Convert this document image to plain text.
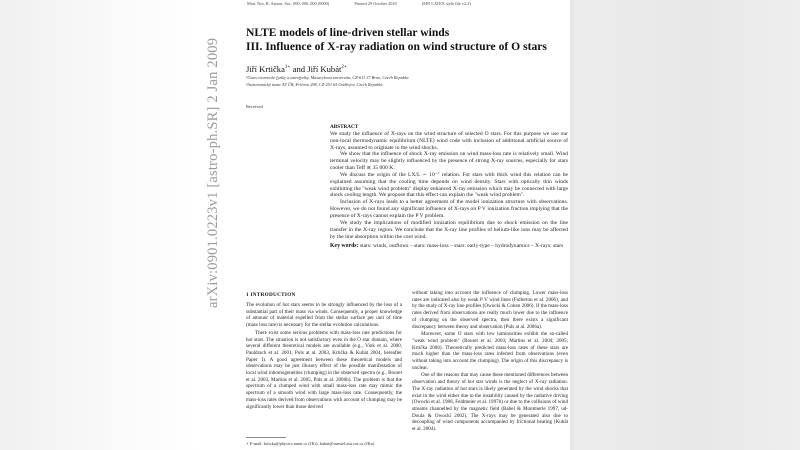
Mon. Not. R. Astron. Soc. 000, 000–000 (0000)	Printed 29 October 2018	(MN LATEX style file v2.2)
NLTE models of line-driven stellar winds
III. Influence of X-ray radiation on wind structure of O stars
Jiří Krtička$^{1⋆}$ and Jiří Kubát$^{2⋆}$
¹Ústav teoretické fyziky a astrofyziky, Masarykova univerzita, CZ-611 37 Brno, Czech Republic
²Astronomický ústav AV ČR, Fričova 298, CZ-251 65 Ondřejov, Czech Republic
Received
arXiv:0901.0223v1 [astro-ph.SR] 2 Jan 2009	ABSTRACT

We study the influence of X-rays on the wind structure of selected O stars. For this purpose we use our non-local thermodynamic equilibrium (NLTE) wind code with inclusion of additional artificial source of X-rays, assumed to originate in the wind shocks.

We show that the influence of shock X-ray emission on wind mass-loss rate is relatively small. Wind terminal velocity may be slightly influenced by the presence of strong X-ray sources, especially for stars cooler than Teff ≲ 35 000 K.

We discuss the origin of the LX/L ∼ 10⁻⁷ relation. For stars with thick wind this relation can be explained assuming that the cooling time depends on wind density. Stars with optically thin winds exhibiting the "weak wind problem" display enhanced X-ray emission which may be connected with large shock cooling length. We propose that this effect can explain the "weak wind problem".

Inclusion of X-rays leads to a better agreement of the model ionization structure with observations. However, we do not found any significant influence of X-rays on P V ionization fraction implying that the presence of X-rays cannot explain the P V problem.

We study the implications of modified ionization equilibrium due to shock emission on the line transfer in the X-ray region. We conclude that the X-ray line profiles of helium-like ions may be affected by the line absorption within the cool wind.

Key words: stars: winds, outflows – stars: mass-loss – stars: early-type – hydrodynamics – X-rays: stars
1 INTRODUCTION

The evolution of hot stars seems to be strongly influenced by the loss of a substantial part of their mass via winds. Consequently, a proper knowledge of amount of material expelled from the stellar surface per unit of time (mass loss rate) is necessary for the stellar evolution calculations.

There exist some serious problems with mass-loss rate predictions for hot stars. The situation is not satisfactory even in the O star domain, where several different theoretical models are available (e.g., Vink et al. 2000, Pauldrach et al. 2001, Puls at al. 2003, Krtička & Kubát 2004, hereafter Paper I). A good agreement between these theoretical models and observations may be just illusory effect of the possible manifestation of local wind inhomogeneities (clumping) in the observed spectra (e.g., Bouret et al. 2003, Martins et al. 2005, Puls at al. 2006b). The problem is that the spectrum of a clumped wind with small mass-loss rate may mimic the spectrum of a smooth wind with large mass-loss rate. Consequently, the mass-loss rates derived from observations with account of clumping may be significantly lower than those derived

without taking into account the influence of clumping. Lower mass-loss rates are indicated also by weak P V wind lines (Fullerton et al. 2006), and by the study of X-ray line profiles (Owocki & Cohen 2006). If the mass-loss rates derived from observations are really much lower due to the influence of clumping on the observed spectra, then there exists a significant discrepancy between theory and observation (Puls at al. 2006a).

Moreover, some O stars with low luminosities exhibit the so-called "weak wind problem" (Bouret et al. 2003; Martins et al. 2004; 2005; Krtička 2006). Theoretically predicted mass-loss rates of these stars are much higher than the mass-loss rates inferred from observations (even without taking into account the clumping). The origin of this discrepancy is unclear.

One of the reasons that may cause these mentioned differences between observation and theory of hot star winds is the neglect of X-ray radiation. The X-ray radiation of hot stars is likely generated by the wind shocks that exist in the wind either due to the instability caused by the radiative driving (Owocki et al. 1988, Feldmeier et al. 1997b) or due to the collisions of wind streams channelled by the magnetic field (Babel & Montmerle 1997, ud-Doula & Owocki 2002). The X-rays may be generated also due to decoupling of wind components accompanied by frictional heating (Kubát et al. 2004).

⋆ E-mail: krticka@physics.muni.cz (JKr); kubat@sunstel.asu.cas.cz (JKu)
